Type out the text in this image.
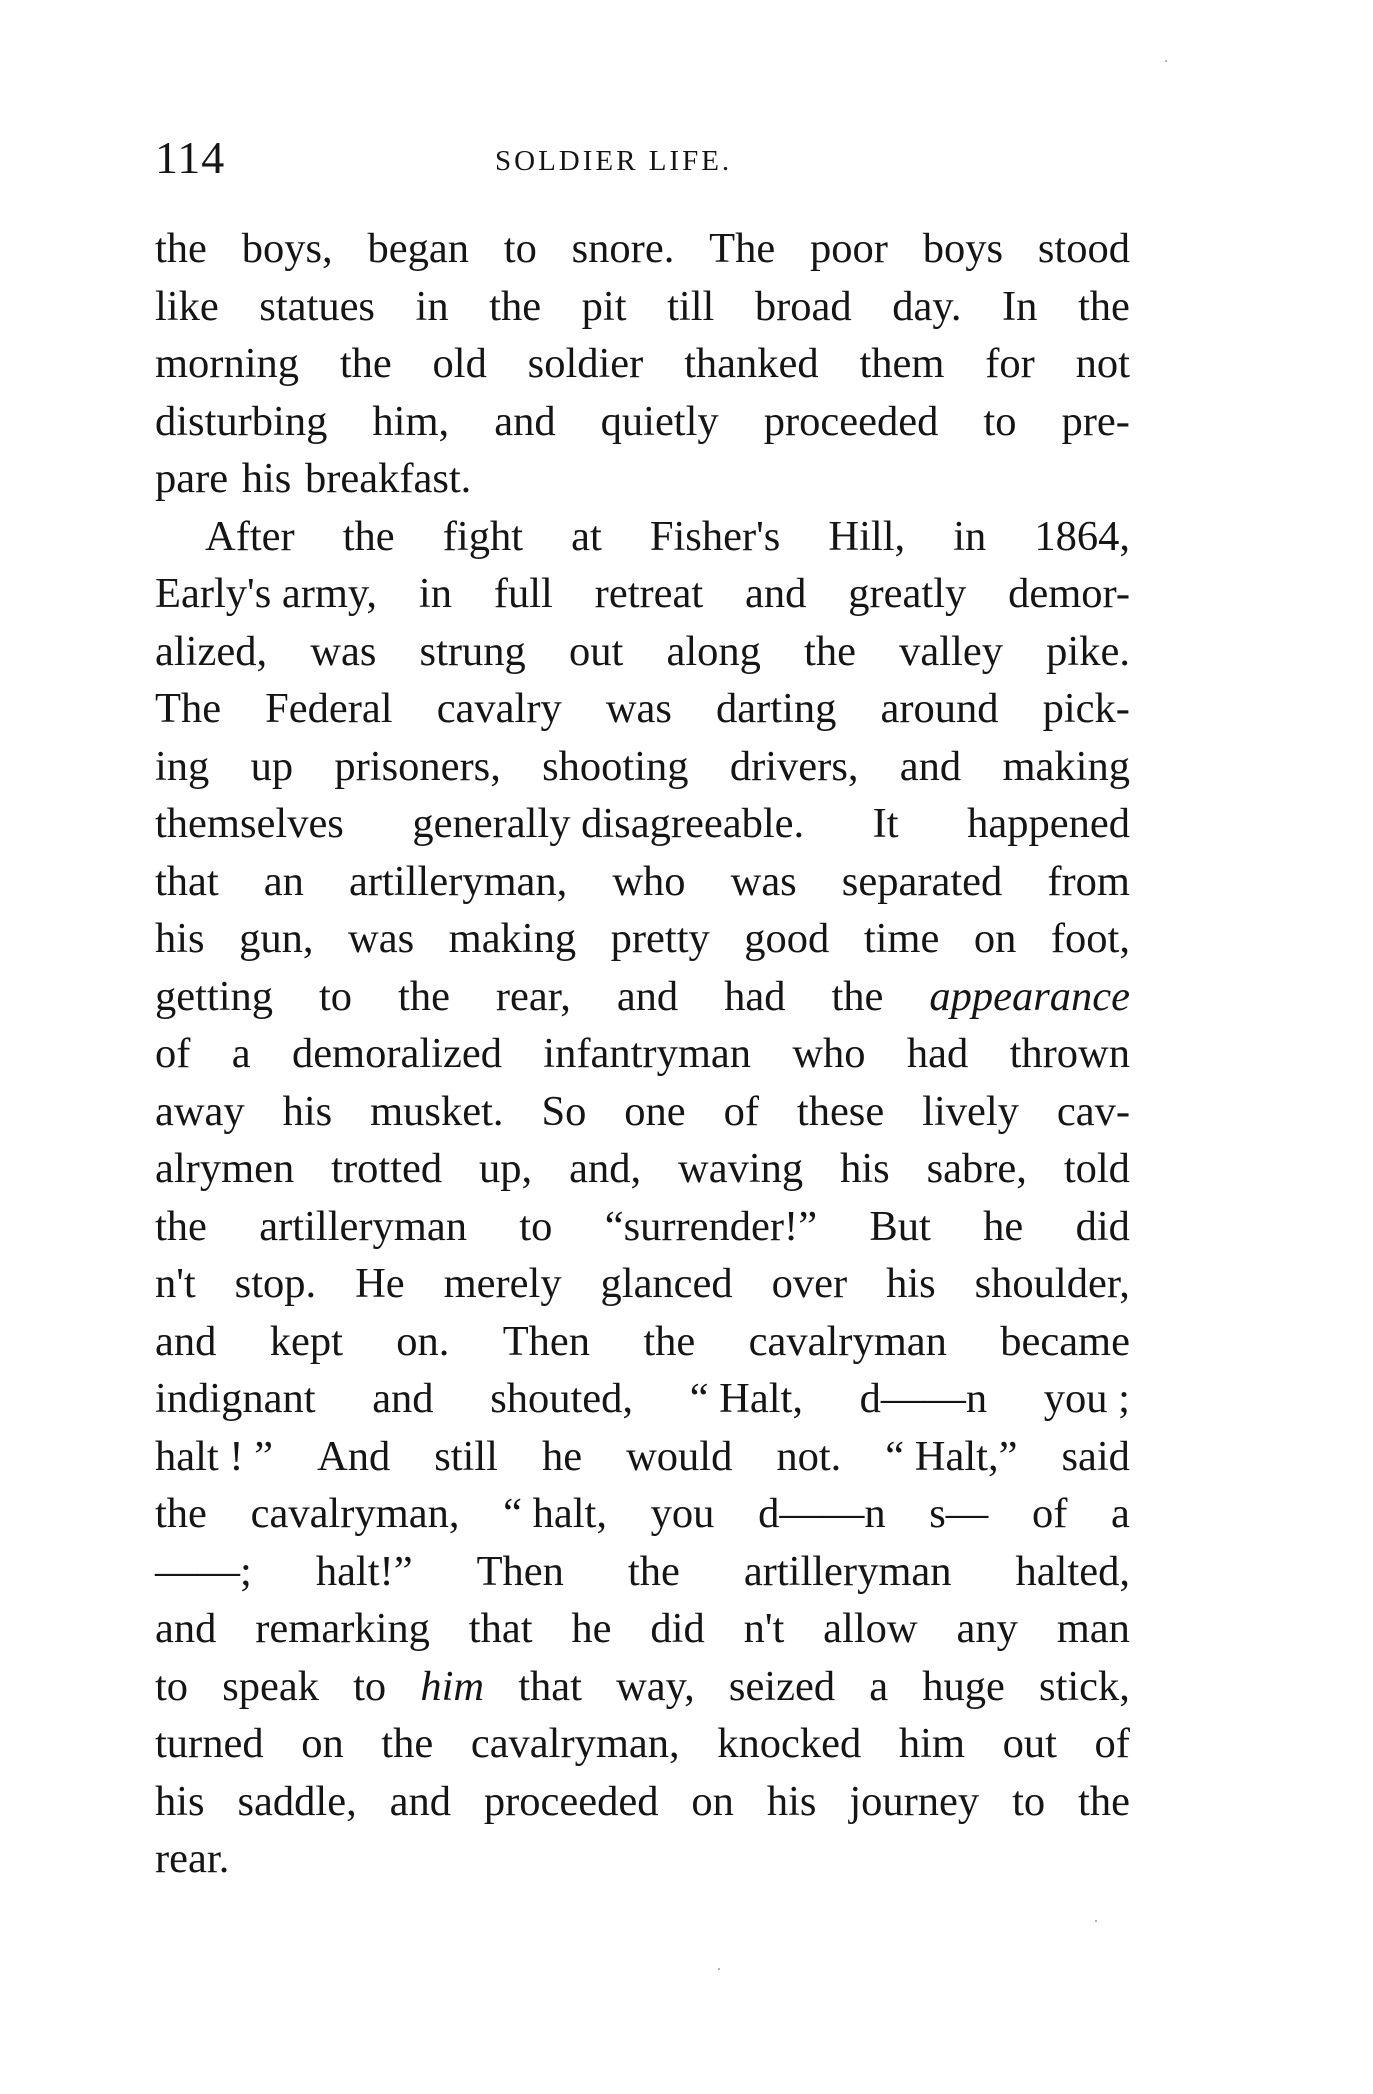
114	SOLDIER LIFE.
the boys, began to snore. The poor boys stood
like statues in the pit till broad day. In the
morning the old soldier thanked them for not
disturbing him, and quietly proceeded to pre-
pare his breakfast.
After the fight at Fisher's Hill, in 1864,
Early's army, in full retreat and greatly demor-
alized, was strung out along the valley pike.
The Federal cavalry was darting around pick-
ing up prisoners, shooting drivers, and making
themselves generally disagreeable. It happened
that an artilleryman, who was separated from
his gun, was making pretty good time on foot,
getting to the rear, and had the appearance
of a demoralized infantryman who had thrown
away his musket. So one of these lively cav-
alrymen trotted up, and, waving his sabre, told
the artilleryman to “surrender!” But he did
n't stop. He merely glanced over his shoulder,
and kept on. Then the cavalryman became
indignant and shouted, “ Halt, d——n you ;
halt ! ” And still he would not. “ Halt,” said
the cavalryman, “ halt, you d——n s— of a
——; halt!” Then the artilleryman halted,
and remarking that he did n't allow any man
to speak to him that way, seized a huge stick,
turned on the cavalryman, knocked him out of
his saddle, and proceeded on his journey to the
rear.
